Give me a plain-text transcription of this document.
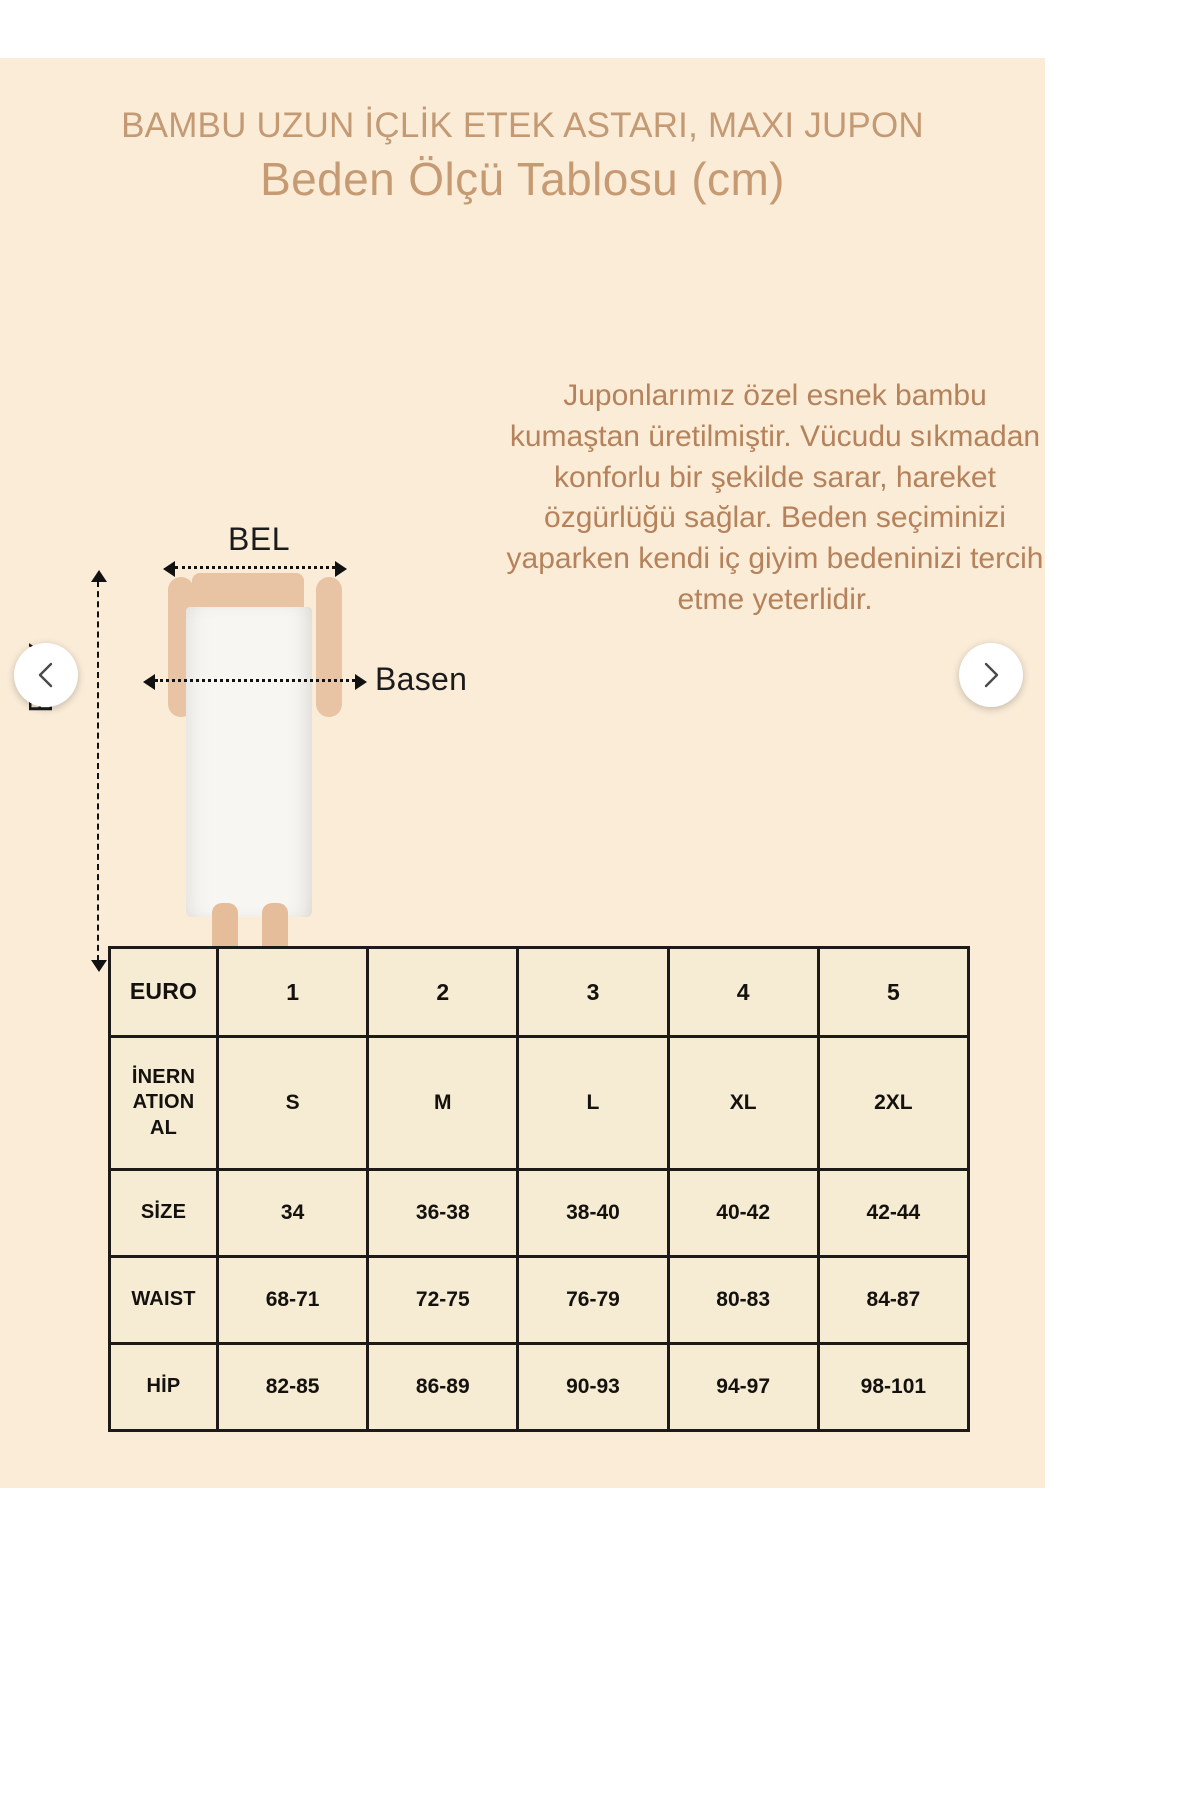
BAMBU UZUN İÇLİK ETEK ASTARI, MAXI JUPON
Beden Ölçü Tablosu (cm)
BEL
Basen
Juponlarımız özel esnek bambu kumaştan üretilmiştir. Vücudu sıkmadan konforlu bir şekilde sarar, hareket özgürlüğü sağlar. Beden seçiminizi yaparken kendi iç giyim bedeninizi tercih etme yeterlidir.
EURO	1	2	3	4	5
İNERN
ATION
AL	S	M	L	XL	2XL
SİZE	34	36-38	38-40	40-42	42-44
WAIST	68-71	72-75	76-79	80-83	84-87
HİP	82-85	86-89	90-93	94-97	98-101
